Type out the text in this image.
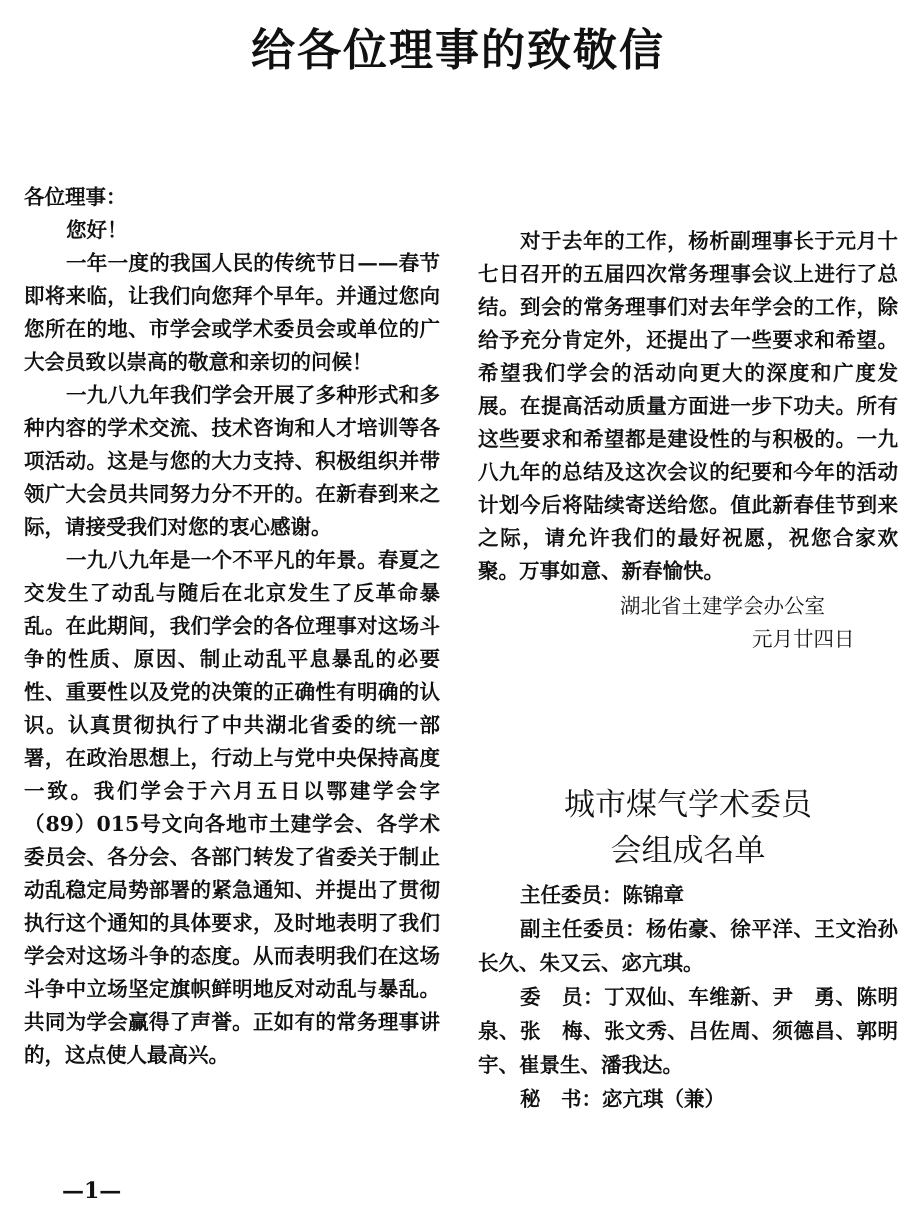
给各位理事的致敬信

各位理事：

您好！

一年一度的我国人民的传统节日——春节即将来临，让我们向您拜个早年。并通过您向您所在的地、市学会或学术委员会或单位的广大会员致以崇高的敬意和亲切的问候！

一九八九年我们学会开展了多种形式和多种内容的学术交流、技术咨询和人才培训等各项活动。这是与您的大力支持、积极组织并带领广大会员共同努力分不开的。在新春到来之际，请接受我们对您的衷心感谢。

一九八九年是一个不平凡的年景。春夏之交发生了动乱与随后在北京发生了反革命暴乱。在此期间，我们学会的各位理事对这场斗争的性质、原因、制止动乱平息暴乱的必要性、重要性以及党的决策的正确性有明确的认识。认真贯彻执行了中共湖北省委的统一部署，在政治思想上，行动上与党中央保持高度一致。我们学会于六月五日以鄂建学会字（89）015号文向各地市土建学会、各学术委员会、各分会、各部门转发了省委关于制止动乱稳定局势部署的紧急通知、并提出了贯彻执行这个通知的具体要求，及时地表明了我们学会对这场斗争的态度。从而表明我们在这场斗争中立场坚定旗帜鲜明地反对动乱与暴乱。共同为学会赢得了声誉。正如有的常务理事讲的，这点使人最高兴。

对于去年的工作，杨析副理事长于元月十七日召开的五届四次常务理事会议上进行了总结。到会的常务理事们对去年学会的工作，除给予充分肯定外，还提出了一些要求和希望。希望我们学会的活动向更大的深度和广度发展。在提高活动质量方面进一步下功夫。所有这些要求和希望都是建设性的与积极的。一九八九年的总结及这次会议的纪要和今年的活动计划今后将陆续寄送给您。值此新春佳节到来之际，请允许我们的最好祝愿，祝您合家欢聚。万事如意、新春愉快。

湖北省土建学会办公室

元月廿四日

城市煤气学术委员
会组成名单

主任委员：陈锦章

副主任委员：杨佑豪、徐平洋、王文治孙长久、朱又云、宓亢琪。

委　员：丁双仙、车维新、尹　勇、陈明泉、张　梅、张文秀、吕佐周、须德昌、郭明宇、崔景生、潘我达。

秘　书：宓亢琪（兼）

—1—
